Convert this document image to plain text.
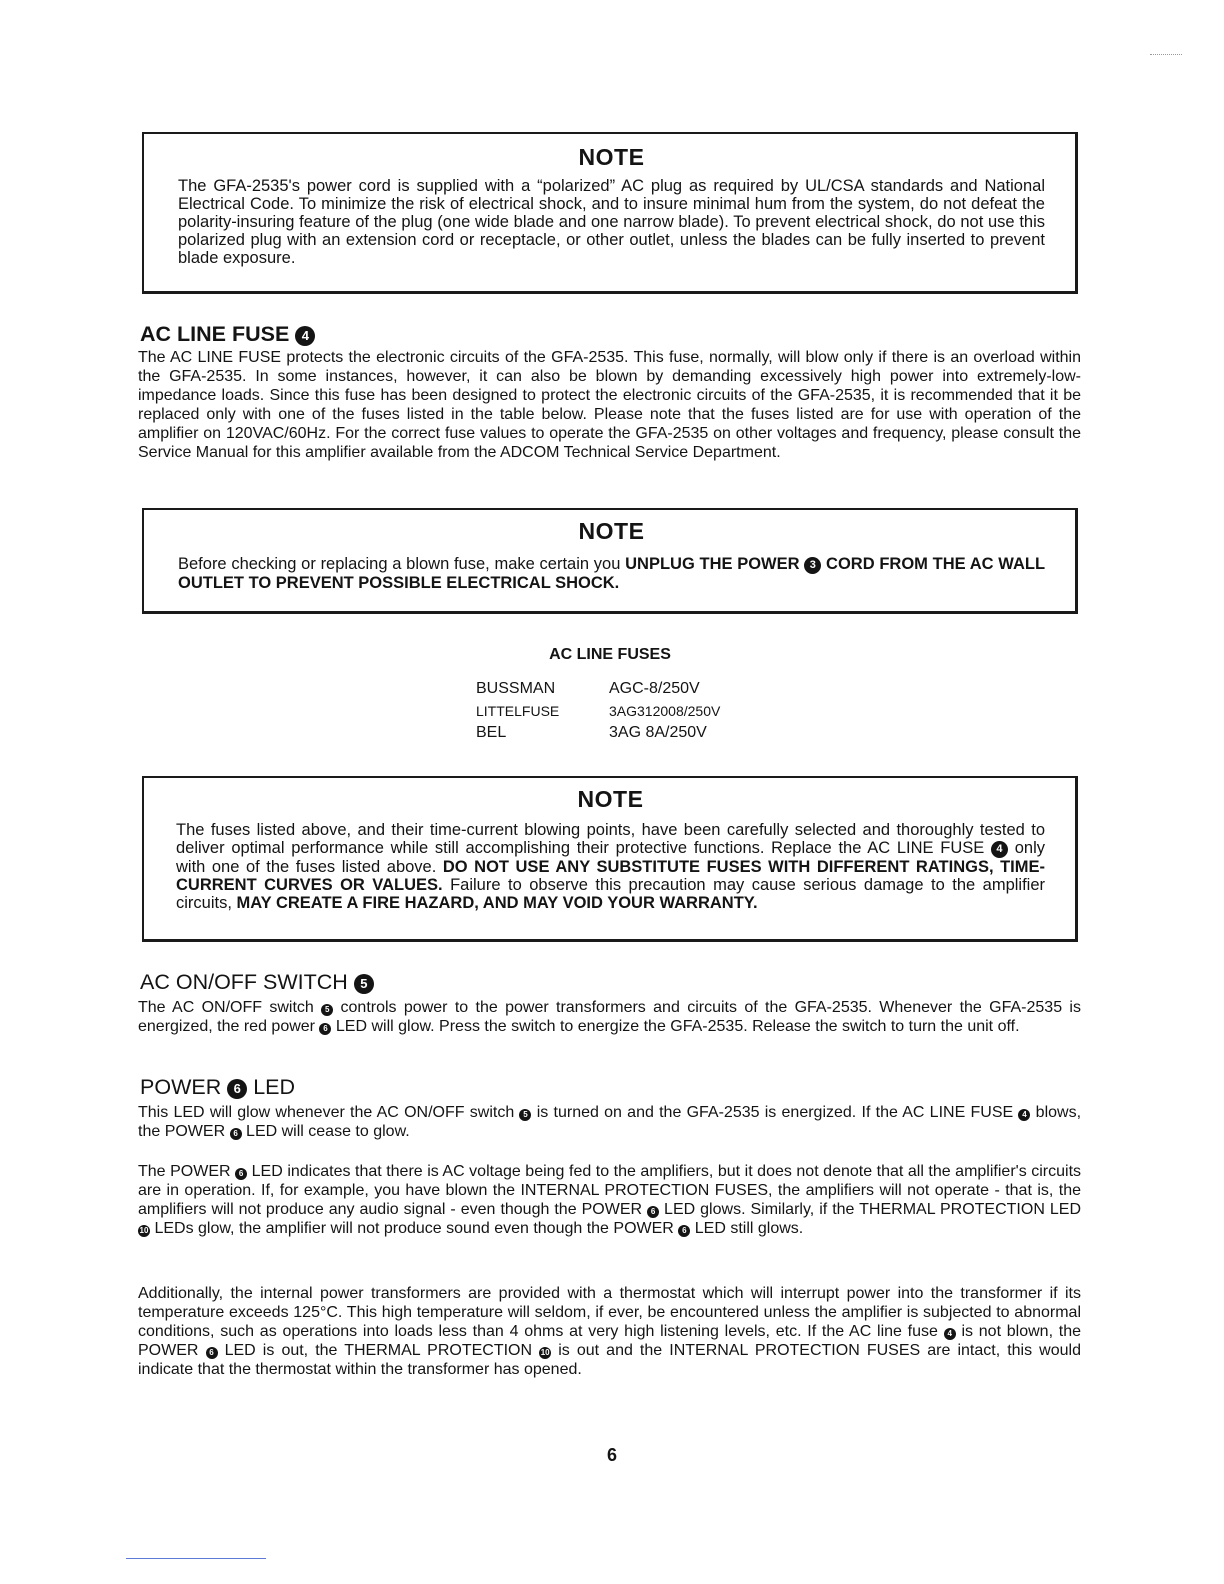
NOTE

The GFA-2535's power cord is supplied with a “polarized” AC plug as required by UL/CSA standards and National Electrical Code. To minimize the risk of electrical shock, and to insure minimal hum from the system, do not defeat the polarity-insuring feature of the plug (one wide blade and one narrow blade). To prevent electrical shock, do not use this polarized plug with an extension cord or receptacle, or other outlet, unless the blades can be fully inserted to prevent blade exposure.

AC LINE FUSE 4

The AC LINE FUSE protects the electronic circuits of the GFA-2535. This fuse, normally, will blow only if there is an overload within the GFA-2535. In some instances, however, it can also be blown by demanding excessively high power into extremely-low-impedance loads. Since this fuse has been designed to protect the electronic circuits of the GFA-2535, it is recommended that it be replaced only with one of the fuses listed in the table below. Please note that the fuses listed are for use with operation of the amplifier on 120VAC/60Hz. For the correct fuse values to operate the GFA-2535 on other voltages and frequency, please consult the Service Manual for this amplifier available from the ADCOM Technical Service Department.

NOTE

Before checking or replacing a blown fuse, make certain you UNPLUG THE POWER 3 CORD FROM THE AC WALL OUTLET TO PREVENT POSSIBLE ELECTRICAL SHOCK.

AC LINE FUSES

BUSSMAN	AGC-8/250V
LITTELFUSE	3AG312008/250V
BEL	3AG 8A/250V
NOTE

The fuses listed above, and their time-current blowing points, have been carefully selected and thoroughly tested to deliver optimal performance while still accomplishing their protective functions. Replace the AC LINE FUSE 4 only with one of the fuses listed above. DO NOT USE ANY SUBSTITUTE FUSES WITH DIFFERENT RATINGS, TIME-CURRENT CURVES OR VALUES. Failure to observe this precaution may cause serious damage to the amplifier circuits, MAY CREATE A FIRE HAZARD, AND MAY VOID YOUR WARRANTY.

AC ON/OFF SWITCH 5

The AC ON/OFF switch 5 controls power to the power transformers and circuits of the GFA-2535. Whenever the GFA-2535 is energized, the red power 6 LED will glow. Press the switch to energize the GFA-2535. Release the switch to turn the unit off.

POWER 6 LED

This LED will glow whenever the AC ON/OFF switch 5 is turned on and the GFA-2535 is energized. If the AC LINE FUSE 4 blows, the POWER 6 LED will cease to glow.

The POWER 6 LED indicates that there is AC voltage being fed to the amplifiers, but it does not denote that all the amplifier's circuits are in operation. If, for example, you have blown the INTERNAL PROTECTION FUSES, the amplifiers will not operate - that is, the amplifiers will not produce any audio signal - even though the POWER 6 LED glows. Similarly, if the THERMAL PROTECTION LED 10 LEDs glow, the amplifier will not produce sound even though the POWER 6 LED still glows.

Additionally, the internal power transformers are provided with a thermostat which will interrupt power into the transformer if its temperature exceeds 125°C. This high temperature will seldom, if ever, be encountered unless the amplifier is subjected to abnormal conditions, such as operations into loads less than 4 ohms at very high listening levels, etc. If the AC line fuse 4 is not blown, the POWER 6 LED is out, the THERMAL PROTECTION 10 is out and the INTERNAL PROTECTION FUSES are intact, this would indicate that the thermostat within the transformer has opened.

6
